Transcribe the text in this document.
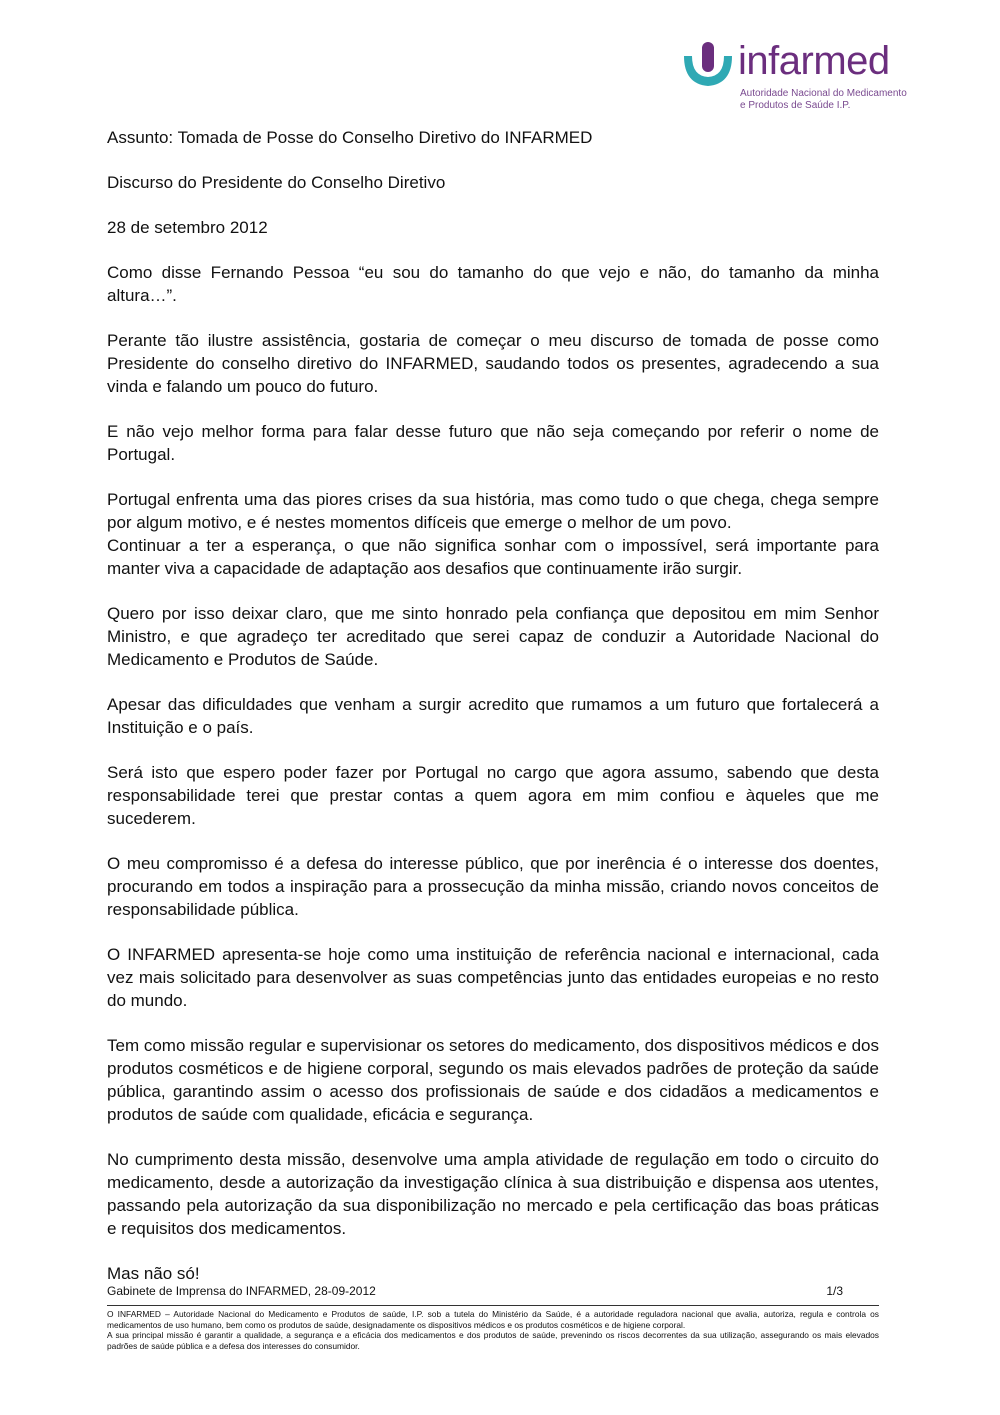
infarmed
Autoridade Nacional do Medicamento
e Produtos de Saúde I.P.

Assunto: Tomada de Posse do Conselho Diretivo do INFARMED

Discurso do Presidente do Conselho Diretivo

28 de setembro 2012

Como disse Fernando Pessoa “eu sou do tamanho do que vejo e não, do tamanho da minha altura…”.

Perante tão ilustre assistência, gostaria de começar o meu discurso de tomada de posse como Presidente do conselho diretivo do INFARMED, saudando todos os presentes, agradecendo a sua vinda e falando um pouco do futuro.

E não vejo melhor forma para falar desse futuro que não seja começando por referir o nome de Portugal.

Portugal enfrenta uma das piores crises da sua história, mas como tudo o que chega, chega sempre por algum motivo, e é nestes momentos difíceis que emerge o melhor de um povo.

Continuar a ter a esperança, o que não significa sonhar com o impossível, será importante para manter viva a capacidade de adaptação aos desafios que continuamente irão surgir.

Quero por isso deixar claro, que me sinto honrado pela confiança que depositou em mim Senhor Ministro, e que agradeço ter acreditado que serei capaz de conduzir a Autoridade Nacional do Medicamento e Produtos de Saúde.

Apesar das dificuldades que venham a surgir acredito que rumamos a um futuro que fortalecerá a Instituição e o país.

Será isto que espero poder fazer por Portugal no cargo que agora assumo, sabendo que desta responsabilidade terei que prestar contas a quem agora em mim confiou e àqueles que me sucederem.

O meu compromisso é a defesa do interesse público, que por inerência é o interesse dos doentes, procurando em todos a inspiração para a prossecução da minha missão, criando novos conceitos de responsabilidade pública.

O INFARMED apresenta-se hoje como uma instituição de referência nacional e internacional, cada vez mais solicitado para desenvolver as suas competências junto das entidades europeias e no resto do mundo.

Tem como missão regular e supervisionar os setores do medicamento, dos dispositivos médicos e dos produtos cosméticos e de higiene corporal, segundo os mais elevados padrões de proteção da saúde pública, garantindo assim o acesso dos profissionais de saúde e dos cidadãos a medicamentos e produtos de saúde com qualidade, eficácia e segurança.

No cumprimento desta missão, desenvolve uma ampla atividade de regulação em todo o circuito do medicamento, desde a autorização da investigação clínica à sua distribuição e dispensa aos utentes, passando pela autorização da sua disponibilização no mercado e pela certificação das boas práticas e requisitos dos medicamentos.

Mas não só!

Gabinete de Imprensa do INFARMED, 28-09-2012	1/3

O INFARMED – Autoridade Nacional do Medicamento e Produtos de saúde, I.P. sob a tutela do Ministério da Saúde, é a autoridade reguladora nacional que avalia, autoriza, regula e controla os medicamentos de uso humano, bem como os produtos de saúde, designadamente os dispositivos médicos e os produtos cosméticos e de higiene corporal.

A sua principal missão é garantir a qualidade, a segurança e a eficácia dos medicamentos e dos produtos de saúde, prevenindo os riscos decorrentes da sua utilização, assegurando os mais elevados padrões de saúde pública e a defesa dos interesses do consumidor.
